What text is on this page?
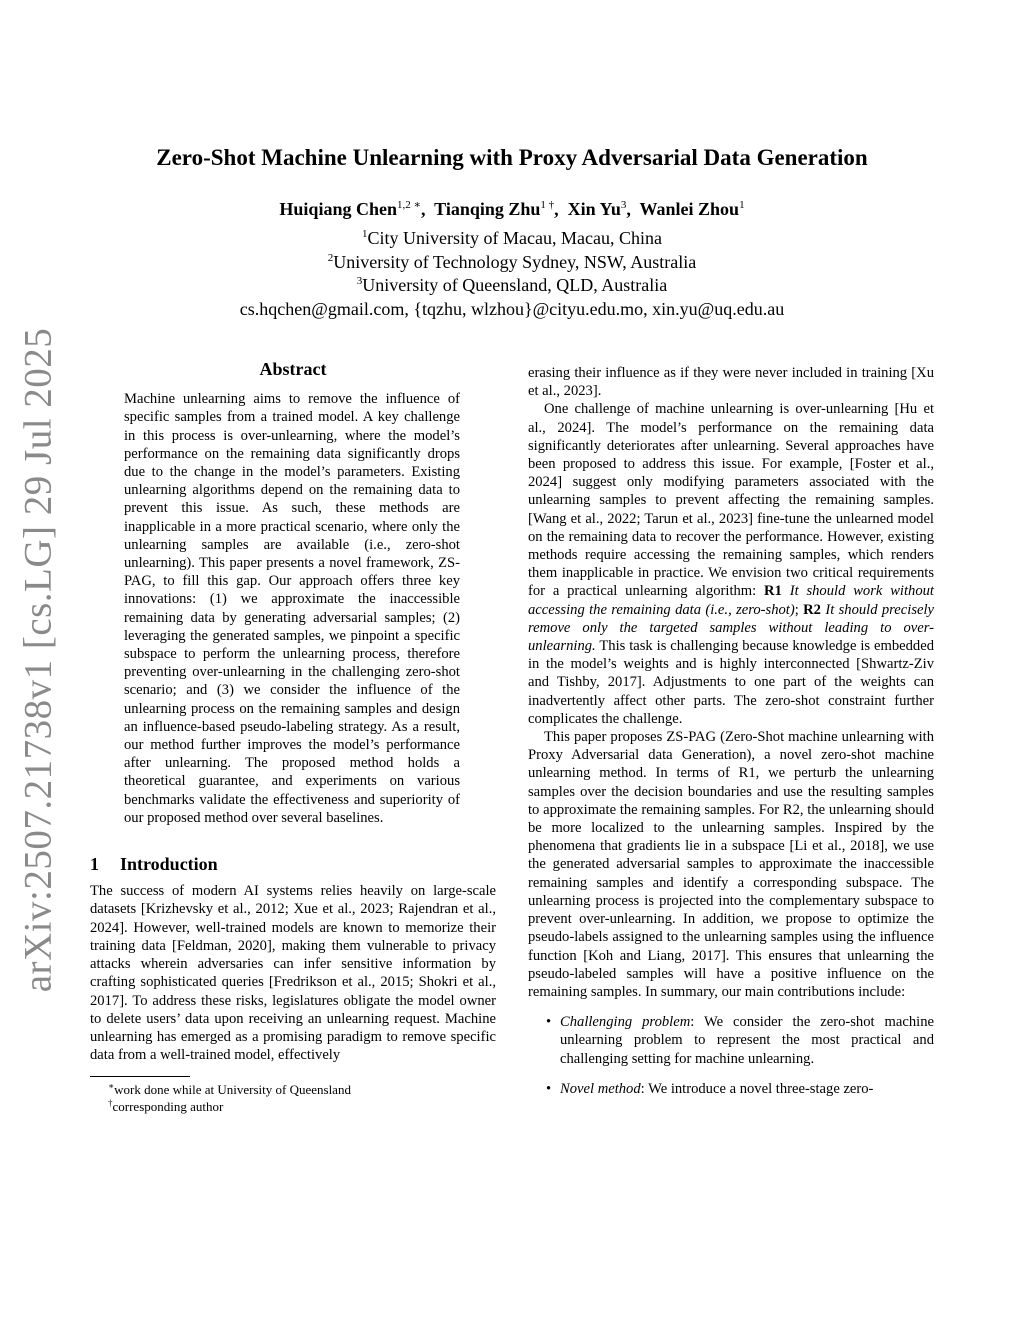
arXiv:2507.21738v1 [cs.LG] 29 Jul 2025
Zero-Shot Machine Unlearning with Proxy Adversarial Data Generation
Huiqiang Chen$^{1,2 ∗}$,  Tianqing Zhu$^{1 \dagger}$,  Xin Yu$^3$,  Wanlei Zhou$^1$
$^1$City University of Macau, Macau, China
$^2$University of Technology Sydney, NSW, Australia
$^3$University of Queensland, QLD, Australia
cs.hqchen@gmail.com, {tqzhu, wlzhou}@cityu.edu.mo, xin.yu@uq.edu.au
Abstract

Machine unlearning aims to remove the influence of specific samples from a trained model. A key challenge in this process is over-unlearning, where the model’s performance on the remaining data significantly drops due to the change in the model’s parameters. Existing unlearning algorithms depend on the remaining data to prevent this issue. As such, these methods are inapplicable in a more practical scenario, where only the unlearning samples are available (i.e., zero-shot unlearning). This paper presents a novel framework, ZS-PAG, to fill this gap. Our approach offers three key innovations: (1) we approximate the inaccessible remaining data by generating adversarial samples; (2) leveraging the generated samples, we pinpoint a specific subspace to perform the unlearning process, therefore preventing over-unlearning in the challenging zero-shot scenario; and (3) we consider the influence of the unlearning process on the remaining samples and design an influence-based pseudo-labeling strategy. As a result, our method further improves the model’s performance after unlearning. The proposed method holds a theoretical guarantee, and experiments on various benchmarks validate the effectiveness and superiority of our proposed method over several baselines.

1 Introduction

The success of modern AI systems relies heavily on large-scale datasets [Krizhevsky et al., 2012; Xue et al., 2023; Rajendran et al., 2024]. However, well-trained models are known to memorize their training data [Feldman, 2020], making them vulnerable to privacy attacks wherein adversaries can infer sensitive information by crafting sophisticated queries [Fredrikson et al., 2015; Shokri et al., 2017]. To address these risks, legislatures obligate the model owner to delete users’ data upon receiving an unlearning request. Machine unlearning has emerged as a promising paradigm to remove specific data from a well-trained model, effectively

∗work done while at University of Queensland
†corresponding author

erasing their influence as if they were never included in training [Xu et al., 2023].

One challenge of machine unlearning is over-unlearning [Hu et al., 2024]. The model’s performance on the remaining data significantly deteriorates after unlearning. Several approaches have been proposed to address this issue. For example, [Foster et al., 2024] suggest only modifying parameters associated with the unlearning samples to prevent affecting the remaining samples. [Wang et al., 2022; Tarun et al., 2023] fine-tune the unlearned model on the remaining data to recover the performance. However, existing methods require accessing the remaining samples, which renders them inapplicable in practice. We envision two critical requirements for a practical unlearning algorithm: R1 It should work without accessing the remaining data (i.e., zero-shot); R2 It should precisely remove only the targeted samples without leading to over-unlearning. This task is challenging because knowledge is embedded in the model’s weights and is highly interconnected [Shwartz-Ziv and Tishby, 2017]. Adjustments to one part of the weights can inadvertently affect other parts. The zero-shot constraint further complicates the challenge.

This paper proposes ZS-PAG (Zero-Shot machine unlearning with Proxy Adversarial data Generation), a novel zero-shot machine unlearning method. In terms of R1, we perturb the unlearning samples over the decision boundaries and use the resulting samples to approximate the remaining samples. For R2, the unlearning should be more localized to the unlearning samples. Inspired by the phenomena that gradients lie in a subspace [Li et al., 2018], we use the generated adversarial samples to approximate the inaccessible remaining samples and identify a corresponding subspace. The unlearning process is projected into the complementary subspace to prevent over-unlearning. In addition, we propose to optimize the pseudo-labels assigned to the unlearning samples using the influence function [Koh and Liang, 2017]. This ensures that unlearning the pseudo-labeled samples will have a positive influence on the remaining samples. In summary, our main contributions include:

• Challenging problem: We consider the zero-shot machine unlearning problem to represent the most practical and challenging setting for machine unlearning.
• Novel method: We introduce a novel three-stage zero-
